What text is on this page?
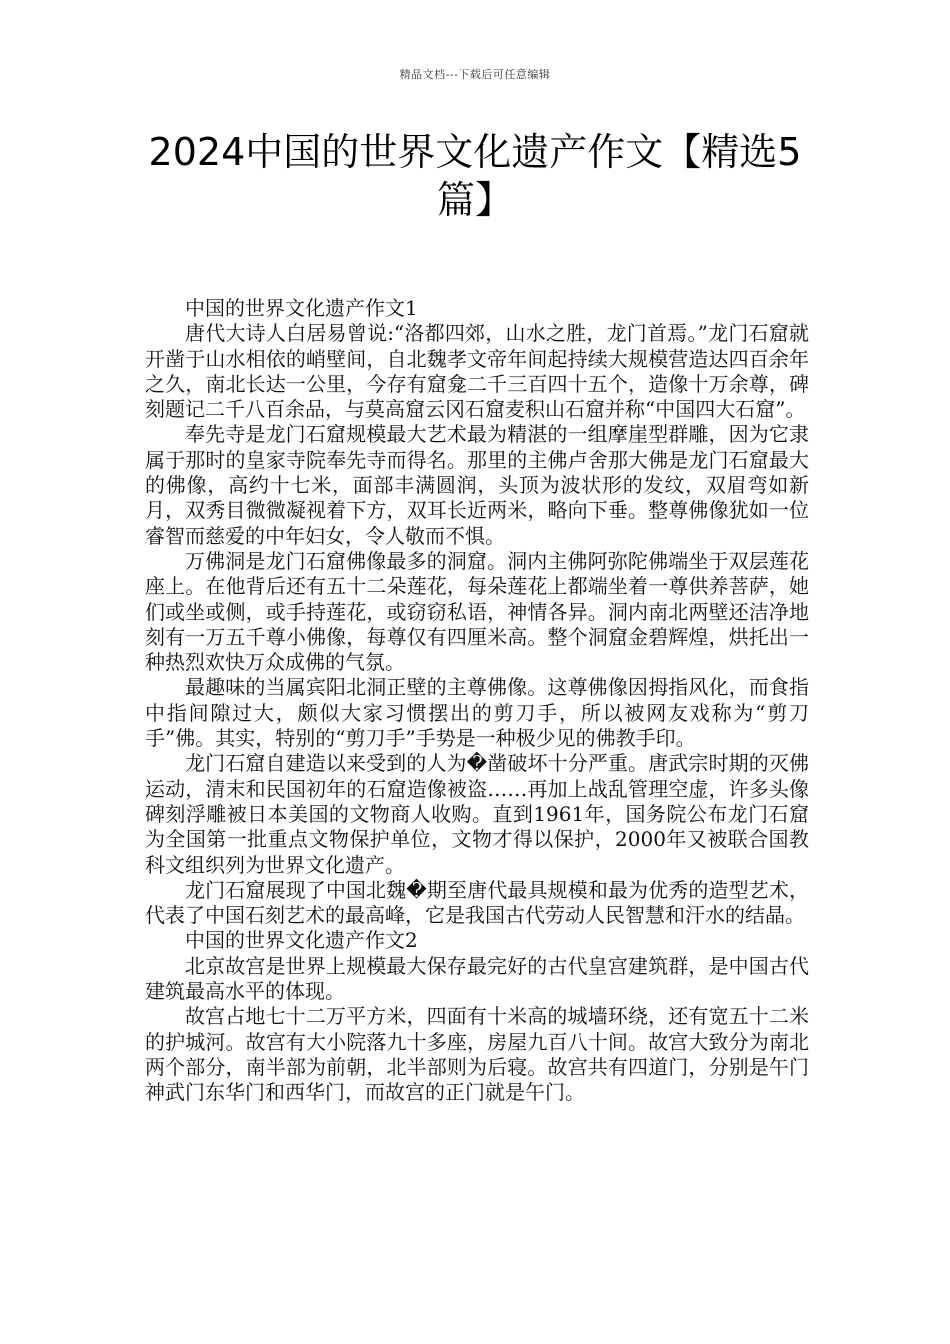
精品文档---下载后可任意编辑
2024中国的世界文化遗产作文【精选5篇】

中国的世界文化遗产作文1

唐代大诗人白居易曾说:“洛都四郊，山水之胜，龙门首焉。”龙门石窟就开凿于山水相依的峭壁间，自北魏孝文帝年间起持续大规模营造达四百余年之久，南北长达一公里，今存有窟龛二千三百四十五个，造像十万余尊，碑刻题记二千八百余品，与莫高窟云冈石窟麦积山石窟并称“中国四大石窟”。

奉先寺是龙门石窟规模最大艺术最为精湛的一组摩崖型群雕，因为它隶属于那时的皇家寺院奉先寺而得名。那里的主佛卢舍那大佛是龙门石窟最大的佛像，高约十七米，面部丰满圆润，头顶为波状形的发纹，双眉弯如新月，双秀目微微凝视着下方，双耳长近两米，略向下垂。整尊佛像犹如一位睿智而慈爱的中年妇女，令人敬而不惧。

万佛洞是龙门石窟佛像最多的洞窟。洞内主佛阿弥陀佛端坐于双层莲花座上。在他背后还有五十二朵莲花，每朵莲花上都端坐着一尊供养菩萨，她们或坐或侧，或手持莲花，或窃窃私语，神情各异。洞内南北两壁还洁净地刻有一万五千尊小佛像，每尊仅有四厘米高。整个洞窟金碧辉煌，烘托出一种热烈欢快万众成佛的气氛。

最趣味的当属宾阳北洞正壁的主尊佛像。这尊佛像因拇指风化，而食指中指间隙过大，颇似大家习惯摆出的剪刀手，所以被网友戏称为“剪刀手”佛。其实，特别的“剪刀手”手势是一种极少见的佛教手印。

龙门石窟自建造以来受到的人为�凿破坏十分严重。唐武宗时期的灭佛运动，清末和民国初年的石窟造像被盗……再加上战乱管理空虚，许多头像碑刻浮雕被日本美国的文物商人收购。直到1961年，国务院公布龙门石窟为全国第一批重点文物保护单位，文物才得以保护，2000年又被联合国教科文组织列为世界文化遗产。

龙门石窟展现了中国北魏�期至唐代最具规模和最为优秀的造型艺术，代表了中国石刻艺术的最高峰，它是我国古代劳动人民智慧和汗水的结晶。

中国的世界文化遗产作文2

北京故宫是世界上规模最大保存最完好的古代皇宫建筑群，是中国古代建筑最高水平的体现。

故宫占地七十二万平方米，四面有十米高的城墙环绕，还有宽五十二米的护城河。故宫有大小院落九十多座，房屋九百八十间。故宫大致分为南北两个部分，南半部为前朝，北半部则为后寝。故宫共有四道门，分别是午门神武门东华门和西华门，而故宫的正门就是午门。
